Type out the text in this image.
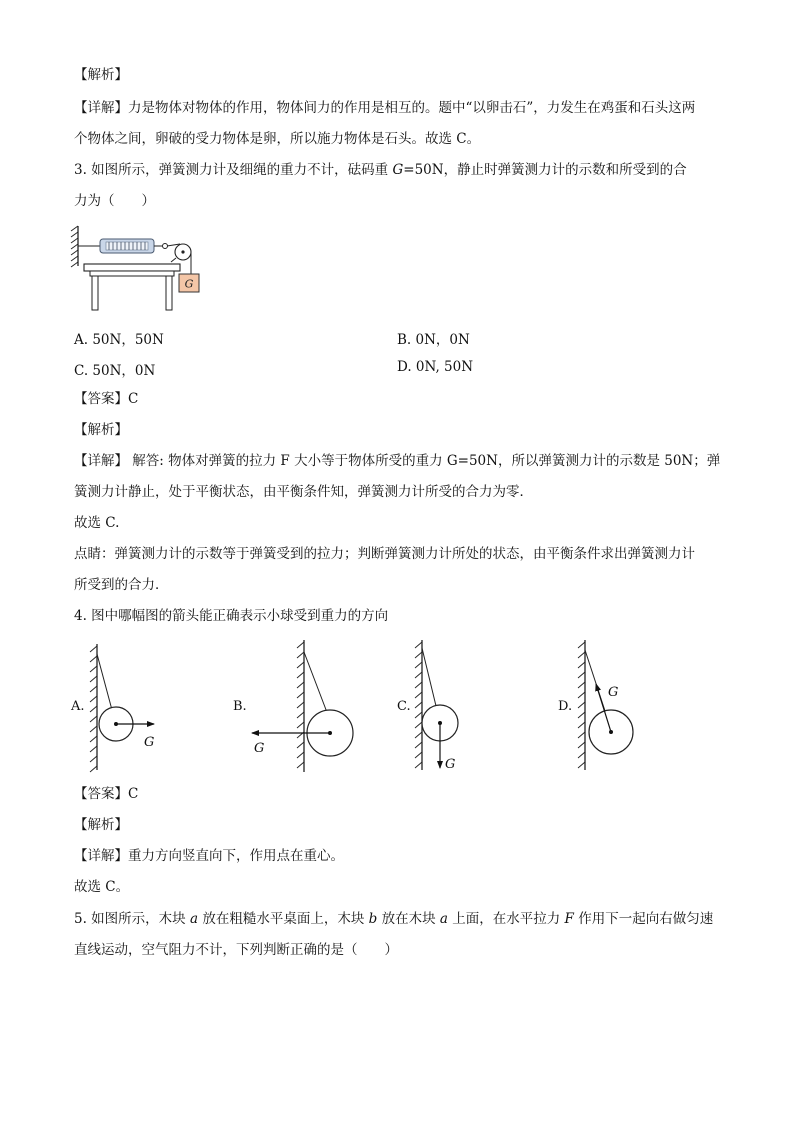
【解析】
【详解】力是物体对物体的作用，物体间力的作用是相互的。题中“以卵击石”，力发生在鸡蛋和石头这两
个物体之间，卵破的受力物体是卵，所以施力物体是石头。故选 C。
3. 如图所示，弹簧测力计及细绳的重力不计，砝码重 G=50N，静止时弹簧测力计的示数和所受到的合
力为（　　）
G
A. 50N，50N	B. 0N，0N
C. 50N，0N	D. 0N, 50N
【答案】C
【解析】
【详解】 解答: 物体对弹簧的拉力 F 大小等于物体所受的重力 G=50N，所以弹簧测力计的示数是 50N；弹
簧测力计静止，处于平衡状态，由平衡条件知，弹簧测力计所受的合力为零．
故选 C.
点睛：弹簧测力计的示数等于弹簧受到的拉力；判断弹簧测力计所处的状态，由平衡条件求出弹簧测力计
所受到的合力．
4. 图中哪幅图的箭头能正确表示小球受到重力的方向
A.
G
B.
G
C.
G
D.
G
【答案】C
【解析】
【详解】重力方向竖直向下，作用点在重心。
故选 C。
5. 如图所示，木块 a 放在粗糙水平桌面上，木块 b 放在木块 a 上面，在水平拉力 F 作用下一起向右做匀速
直线运动，空气阻力不计，下列判断正确的是（　　）
